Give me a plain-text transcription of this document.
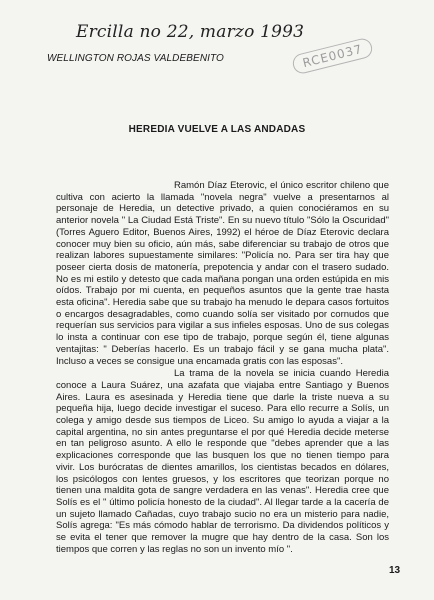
Ercilla no 22, marzo 1993
RCE0037
WELLINGTON ROJAS VALDEBENITO
HEREDIA VUELVE A LAS ANDADAS

Ramón Díaz Eterovic, el único escritor chileno que cultiva con acierto la llamada "novela negra" vuelve a presentarnos al personaje de Heredia, un detective privado, a quien conociéramos en su anterior novela " La Ciudad Está Triste". En su nuevo título "Sólo la Oscuridad" (Torres Aguero Editor, Buenos Aires, 1992) el héroe de Díaz Eterovic declara conocer muy bien su oficio, aún más, sabe diferenciar su trabajo de otros que realizan labores supuestamente similares: "Policía no. Para ser tira hay que poseer cierta dosis de matonería, prepotencia y andar con el trasero sudado. No es mi estilo y detesto que cada mañana pongan una orden estúpida en mis oídos. Trabajo por mi cuenta, en pequeños asuntos que la gente trae hasta esta oficina". Heredia sabe que su trabajo ha menudo le depara casos fortuitos o encargos desagradables, como cuando solía ser visitado por cornudos que requerían sus servicios para vigilar a sus infieles esposas. Uno de sus colegas lo insta a continuar con ese tipo de trabajo, porque según él, tiene algunas ventajitas: " Deberías hacerlo. Es un trabajo fácil y se gana mucha plata". Incluso a veces se consigue una encamada gratis con las esposas".

La trama de la novela se inicia cuando Heredia conoce a Laura Suárez, una azafata que viajaba entre Santiago y Buenos Aires. Laura es asesinada y Heredia tiene que darle la triste nueva a su pequeña hija, luego decide investigar el suceso. Para ello recurre a Solís, un colega y amigo desde sus tiempos de Liceo. Su amigo lo ayuda a viajar a la capital argentina, no sin antes preguntarse el por qué Heredia decide meterse en tan peligroso asunto. A ello le responde que "debes aprender que a las explicaciones corresponde que las busquen los que no tienen tiempo para vivir. Los burócratas de dientes amarillos, los cientistas becados en dólares, los psicólogos con lentes gruesos, y los escritores que teorizan porque no tienen una maldita gota de sangre verdadera en las venas". Heredia cree que Solís es el " último policía honesto de la ciudad". Al llegar tarde a la cacería de un sujeto llamado Cañadas, cuyo trabajo sucio no era un misterio para nadie, Solís agrega: "Es más cómodo hablar de terrorismo. Da dividendos políticos y se evita el tener que remover la mugre que hay dentro de la casa. Son los tiempos que corren y las reglas no son un invento mío ".

13
